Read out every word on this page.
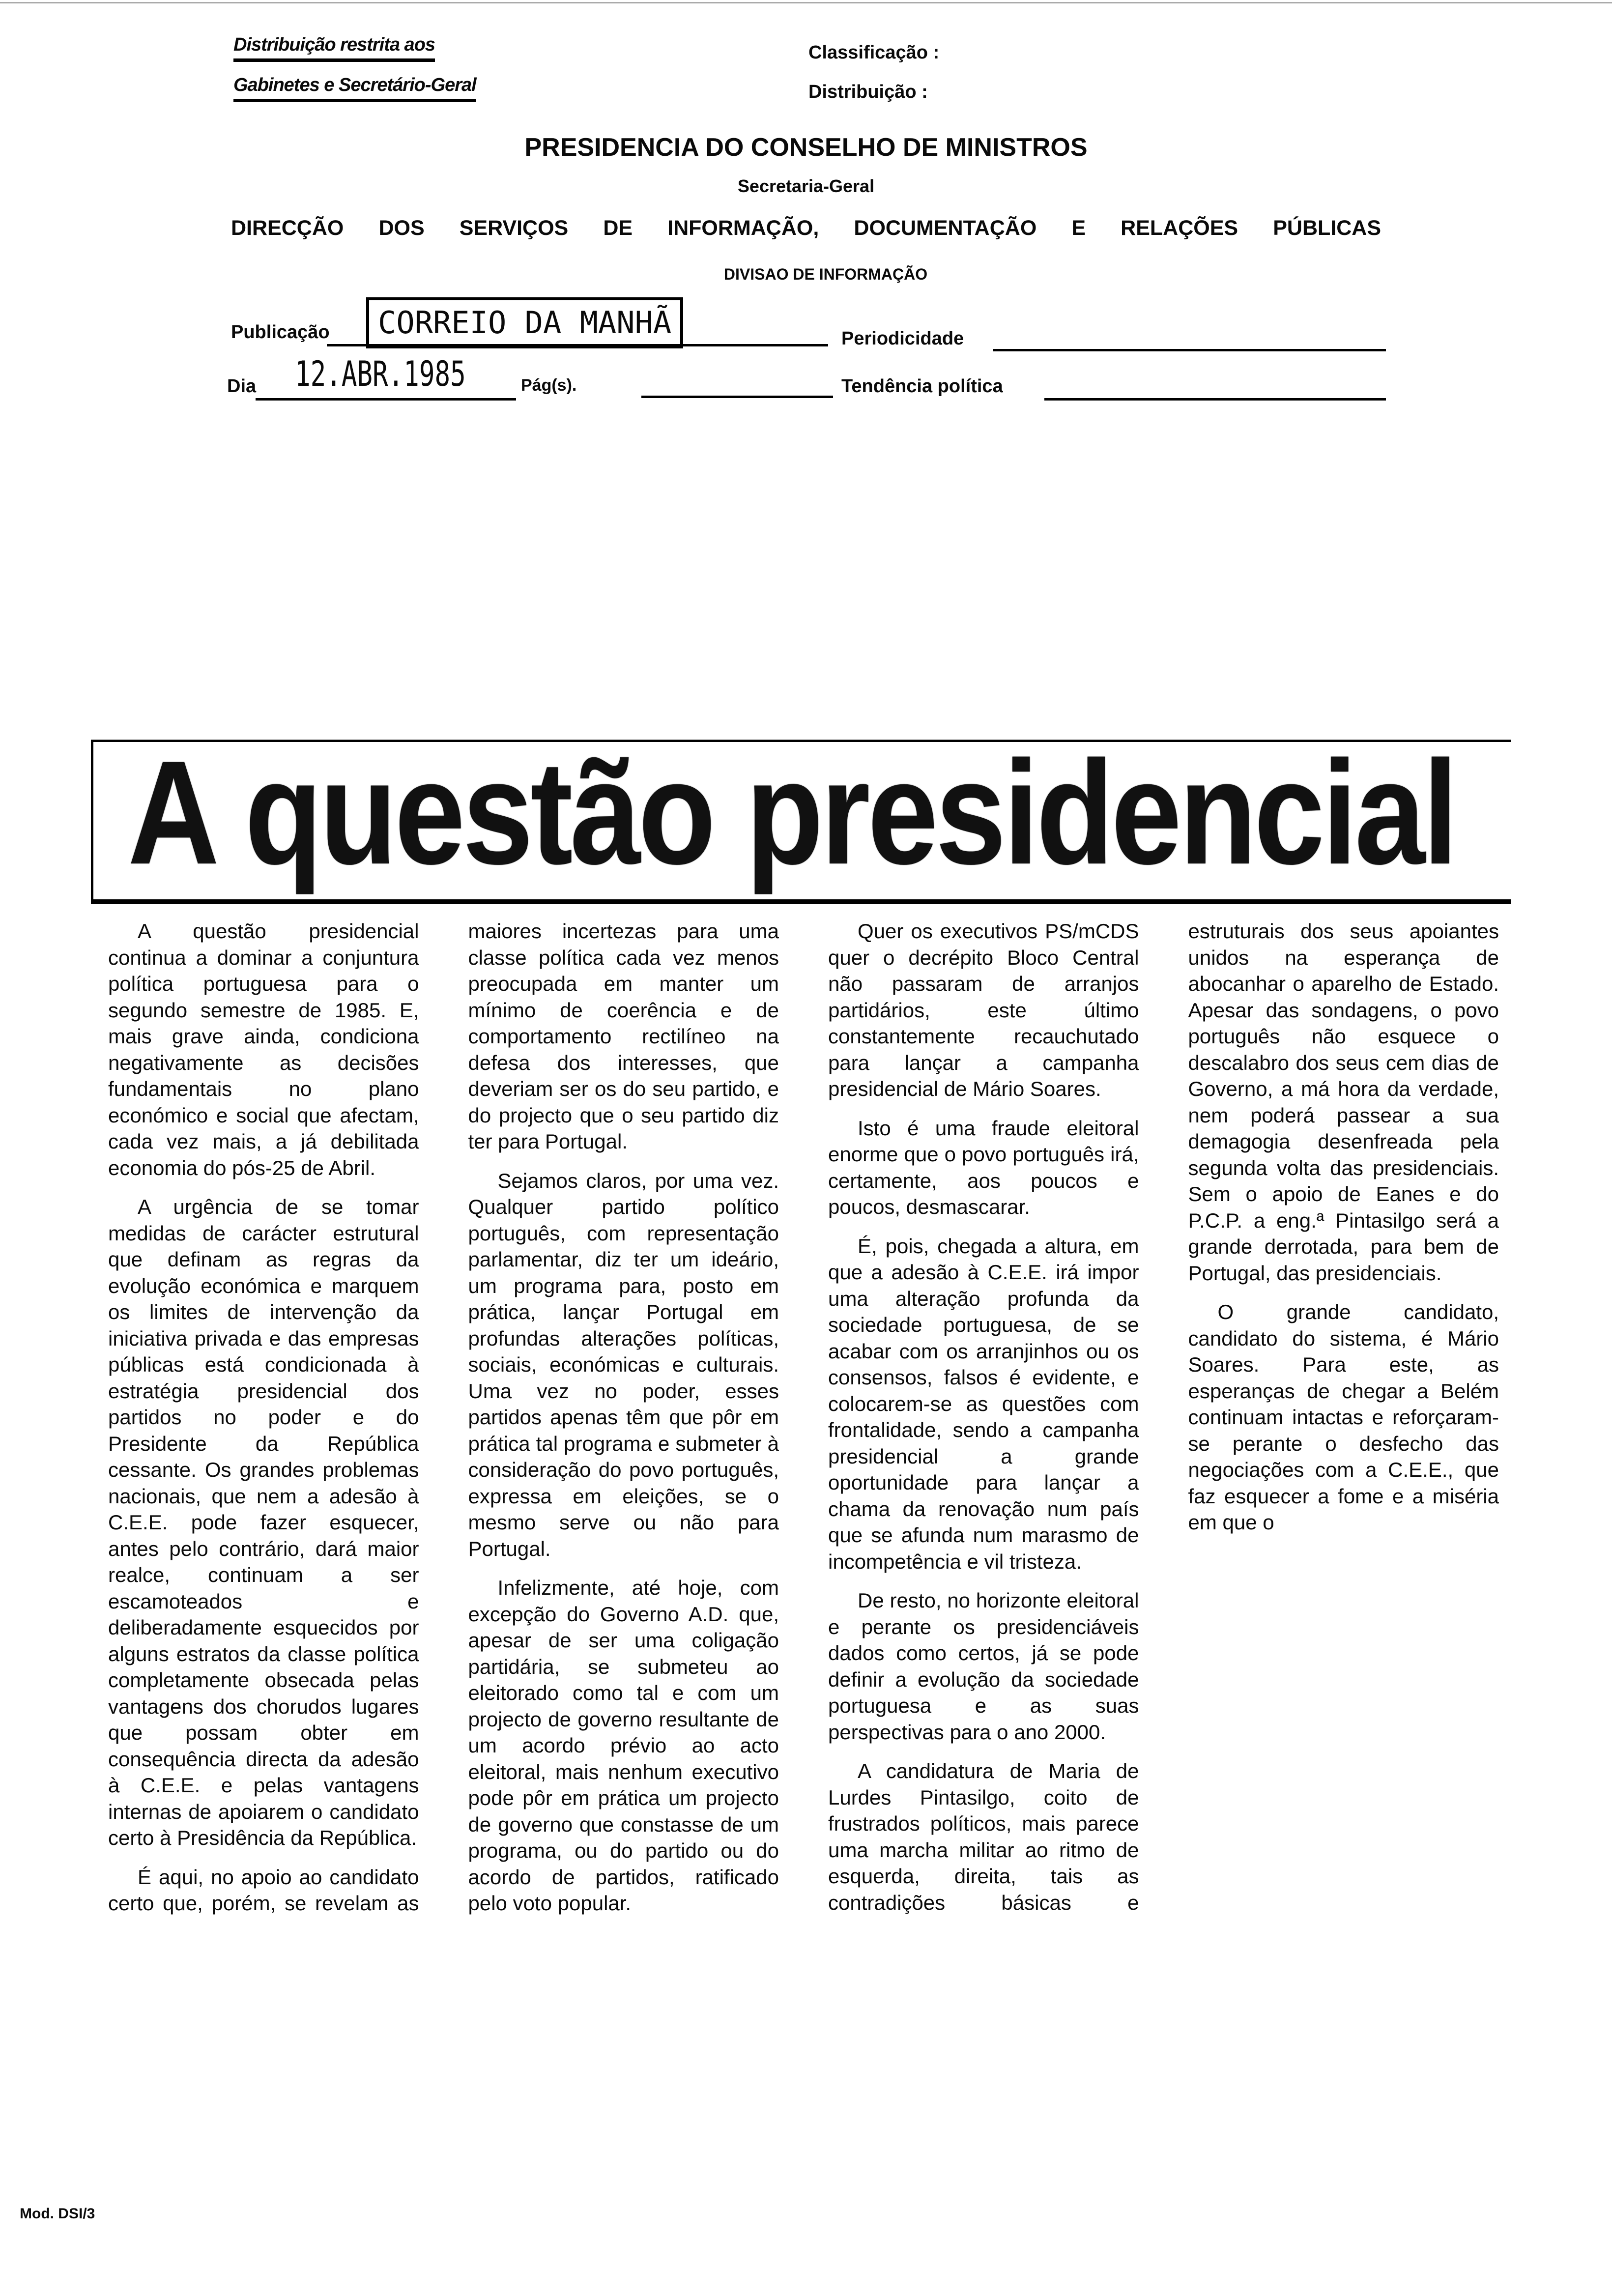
Distribuição restrita aos
Gabinetes e Secretário-Geral
Classificação :
Distribuição :
PRESIDENCIA DO CONSELHO DE MINISTROS
Secretaria-Geral
DIRECÇÃO DOS SERVIÇOS DE INFORMAÇÃO, DOCUMENTAÇÃO E RELAÇÕES PÚBLICAS
DIVISAO DE INFORMAÇÃO
Publicação	CORREIO DA MANHÃ	Periodicidade
Dia 12.ABR.1985	Pág(s).	Tendência política
A questão presidencial

A questão presidencial continua a dominar a conjuntura política portuguesa para o segundo semestre de 1985. E, mais grave ainda, condiciona negativamente as decisões fundamentais no plano económico e social que afectam, cada vez mais, a já debilitada economia do pós-25 de Abril.

A urgência de se tomar medidas de carácter estrutural que definam as regras da evolução económica e marquem os limites de intervenção da iniciativa privada e das empresas públicas está condicionada à estratégia presidencial dos partidos no poder e do Presidente da República cessante. Os grandes problemas nacionais, que nem a adesão à C.E.E. pode fazer esquecer, antes pelo contrário, dará maior realce, continuam a ser escamoteados e deliberadamente esquecidos por alguns estratos da classe política completamente obsecada pelas vantagens dos chorudos lugares que possam obter em consequência directa da adesão à C.E.E. e pelas vantagens internas de apoiarem o candidato certo à Presidência da República.

É aqui, no apoio ao candidato certo que, porém, se revelam as maiores incertezas para uma classe política cada vez menos preocupada em manter um mínimo de coerência e de comportamento rectilíneo na defesa dos interesses, que deveriam ser os do seu partido, e do projecto que o seu partido diz ter para Portugal.

Sejamos claros, por uma vez. Qualquer partido político português, com representação parlamentar, diz ter um ideário, um programa para, posto em prática, lançar Portugal em profundas alterações políticas, sociais, económicas e culturais. Uma vez no poder, esses partidos apenas têm que pôr em prática tal programa e submeter à consideração do povo português, expressa em eleições, se o mesmo serve ou não para Portugal.

Infelizmente, até hoje, com excepção do Governo A.D. que, apesar de ser uma coligação partidária, se submeteu ao eleitorado como tal e com um projecto de governo resultante de um acordo prévio ao acto eleitoral, mais nenhum executivo pode pôr em prática um projecto de governo que constasse de um programa, ou do partido ou do acordo de partidos, ratificado pelo voto popular.

Quer os executivos PS/mCDS quer o decrépito Bloco Central não passaram de arranjos partidários, este último constantemente recauchutado para lançar a campanha presidencial de Mário Soares.

Isto é uma fraude eleitoral enorme que o povo português irá, certamente, aos poucos e poucos, desmascarar.

É, pois, chegada a altura, em que a adesão à C.E.E. irá impor uma alteração profunda da sociedade portuguesa, de se acabar com os arranjinhos ou os consensos, falsos é evidente, e colocarem-se as questões com frontalidade, sendo a campanha presidencial a grande oportunidade para lançar a chama da renovação num país que se afunda num marasmo de incompetência e vil tristeza.

De resto, no horizonte eleitoral e perante os presidenciáveis dados como certos, já se pode definir a evolução da sociedade portuguesa e as suas perspectivas para o ano 2000.

A candidatura de Maria de Lurdes Pintasilgo, coito de frustrados políticos, mais parece uma marcha militar ao ritmo de esquerda, direita, tais as contradições básicas e estruturais dos seus apoiantes unidos na esperança de abocanhar o aparelho de Estado. Apesar das sondagens, o povo português não esquece o descalabro dos seus cem dias de Governo, a má hora da verdade, nem poderá passear a sua demagogia desenfreada pela segunda volta das presidenciais. Sem o apoio de Eanes e do P.C.P. a eng.ª Pintasilgo será a grande derrotada, para bem de Portugal, das presidenciais.

O grande candidato, candidato do sistema, é Mário Soares. Para este, as esperanças de chegar a Belém continuam intactas e reforçaram-se perante o desfecho das negociações com a C.E.E., que faz esquecer a fome e a miséria em que o

Mod. DSI/3
